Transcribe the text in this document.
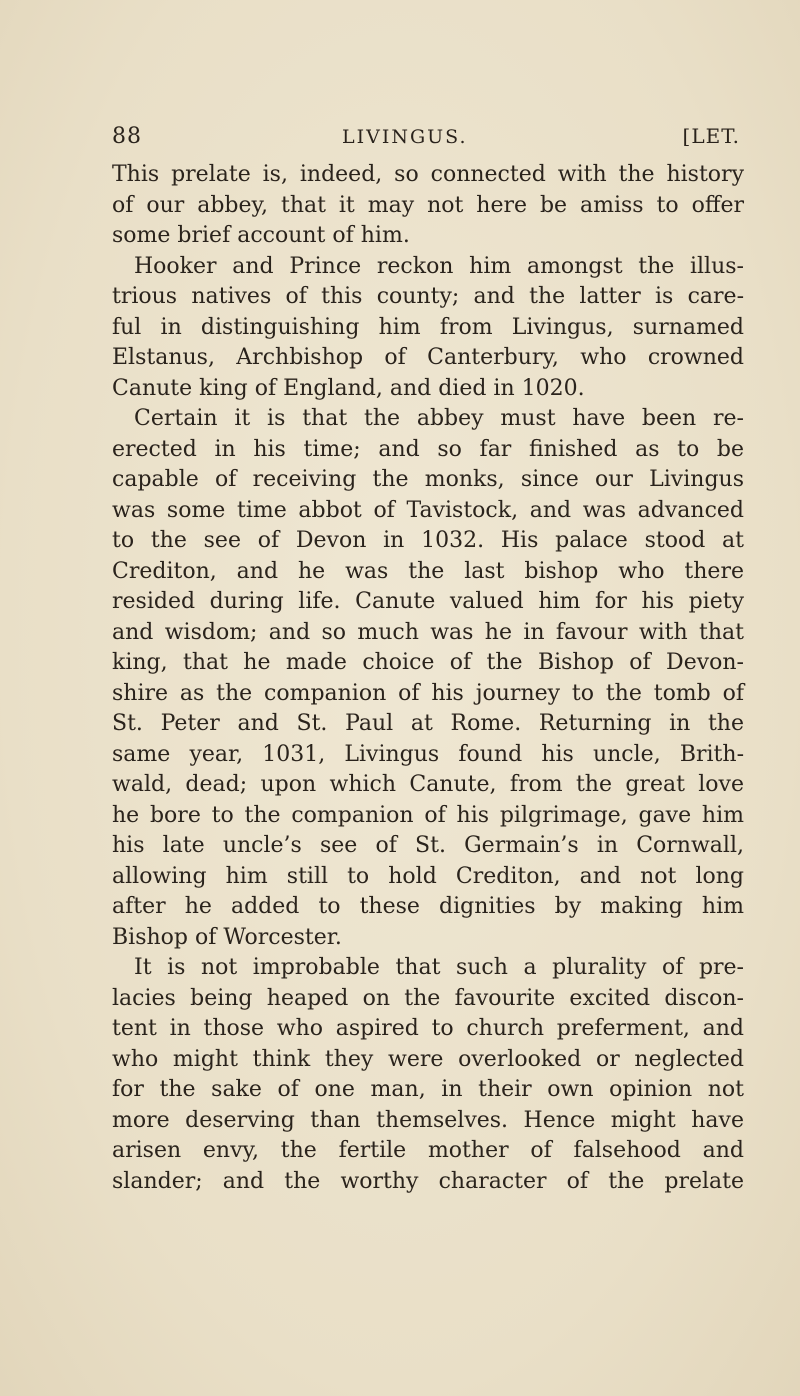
88	LIVINGUS.	[LET.
This prelate is, indeed, so connected with the history
of our abbey, that it may not here be amiss to offer
some brief account of him.
Hooker and Prince reckon him amongst the illus-
trious natives of this county; and the latter is care-
ful in distinguishing him from Livingus, surnamed
Elstanus, Archbishop of Canterbury, who crowned
Canute king of England, and died in 1020.
Certain it is that the abbey must have been re-
erected in his time; and so far finished as to be
capable of receiving the monks, since our Livingus
was some time abbot of Tavistock, and was advanced
to the see of Devon in 1032. His palace stood at
Crediton, and he was the last bishop who there
resided during life. Canute valued him for his piety
and wisdom; and so much was he in favour with that
king, that he made choice of the Bishop of Devon-
shire as the companion of his journey to the tomb of
St. Peter and St. Paul at Rome. Returning in the
same year, 1031, Livingus found his uncle, Brith-
wald, dead; upon which Canute, from the great love
he bore to the companion of his pilgrimage, gave him
his late uncle’s see of St. Germain’s in Cornwall,
allowing him still to hold Crediton, and not long
after he added to these dignities by making him
Bishop of Worcester.
It is not improbable that such a plurality of pre-
lacies being heaped on the favourite excited discon-
tent in those who aspired to church preferment, and
who might think they were overlooked or neglected
for the sake of one man, in their own opinion not
more deserving than themselves. Hence might have
arisen envy, the fertile mother of falsehood and
slander; and the worthy character of the prelate
